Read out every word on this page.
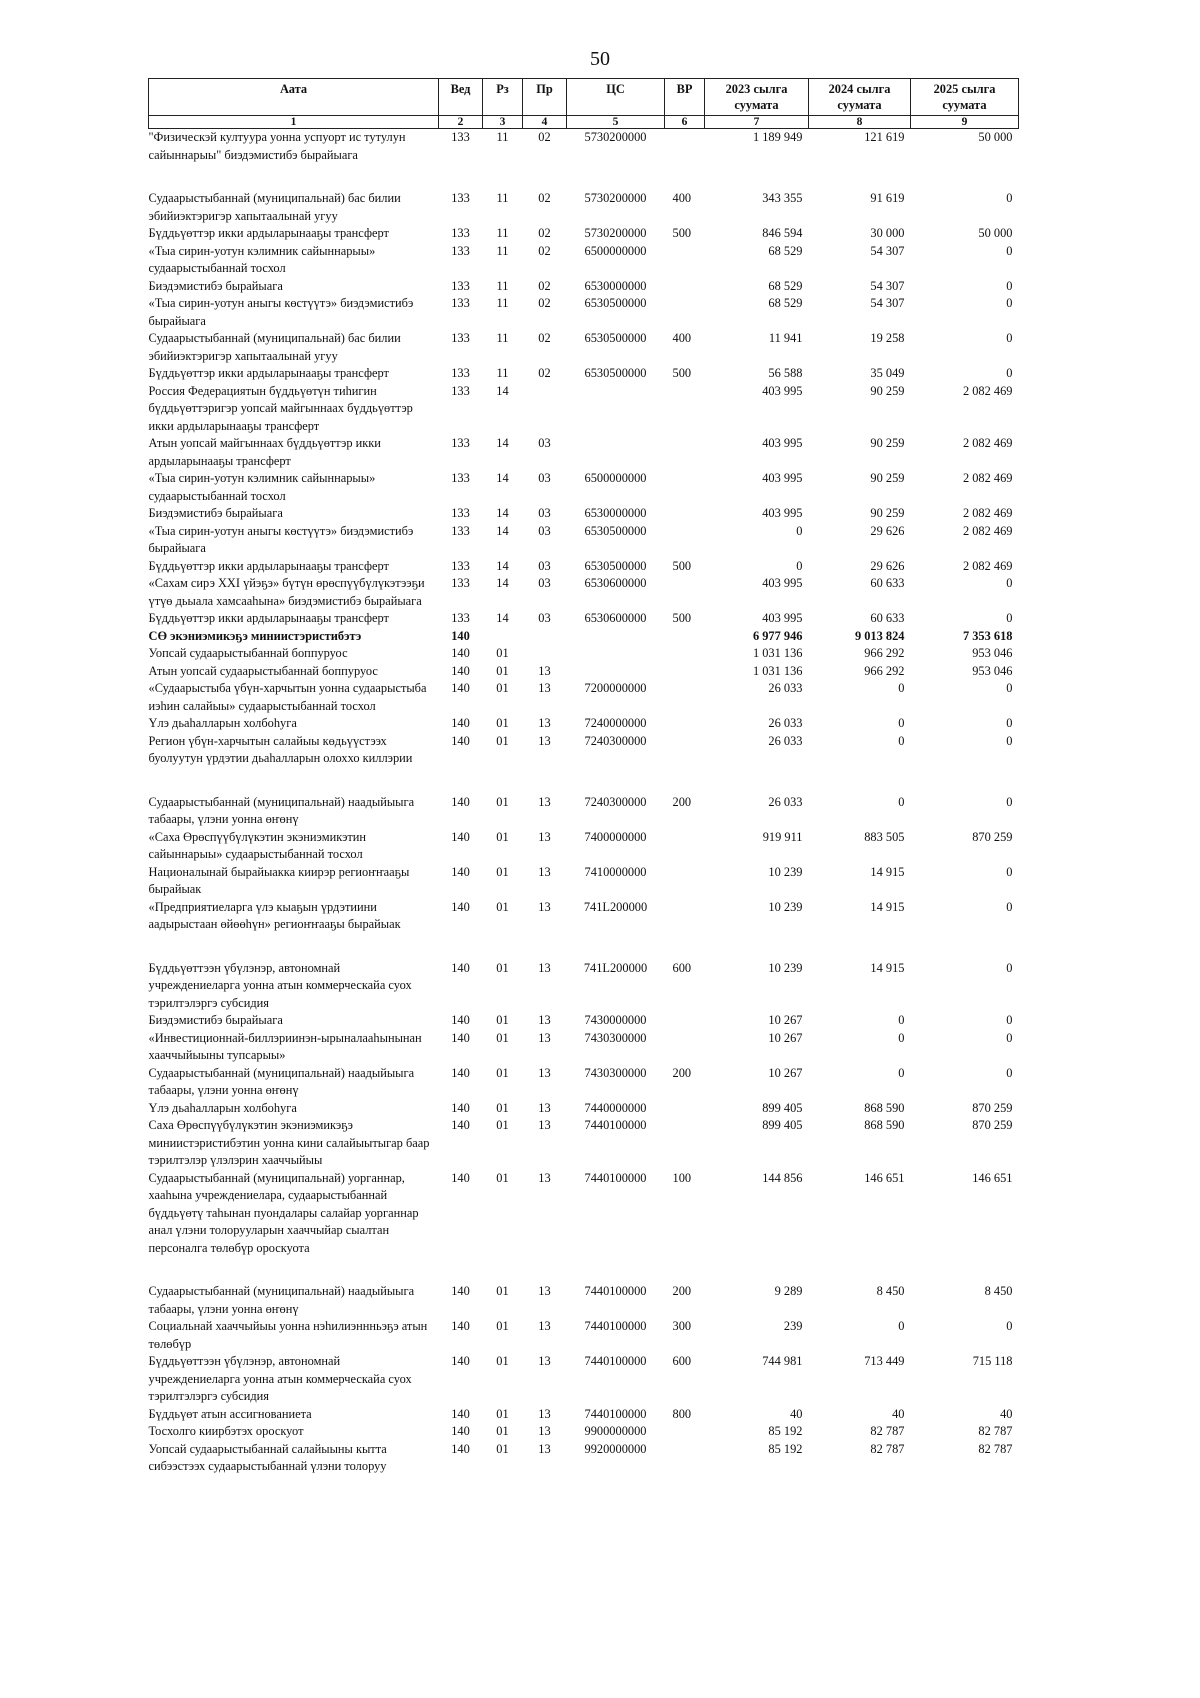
50
Аата	Вед	Рз	Пр	ЦС	ВР	2023 сылга суумата	2024 сылга суумата	2025 сылга суумата
1	2	3	4	5	6	7	8	9
"Физическэй култуура уонна успуорт ис тутулун сайыннарыы" биэдэмистибэ бырайыага	133	11	02	5730200000		1 189 949	121 619	50 000
Судаарыстыбаннай (муниципальнай) бас билии эбийиэктэригэр хапытаалынай угуу	133	11	02	5730200000	400	343 355	91 619	0
Бүддьүөттэр икки ардыларынааҕы трансферт	133	11	02	5730200000	500	846 594	30 000	50 000
«Тыа сирин-уотун кэлимник сайыннарыы» судаарыстыбаннай тосхол	133	11	02	6500000000		68 529	54 307	0
Биэдэмистибэ бырайыага	133	11	02	6530000000		68 529	54 307	0
«Тыа сирин-уотун аныгы көстүүтэ» биэдэмистибэ бырайыага	133	11	02	6530500000		68 529	54 307	0
Судаарыстыбаннай (муниципальнай) бас билии эбийиэктэригэр хапытаалынай угуу	133	11	02	6530500000	400	11 941	19 258	0
Бүддьүөттэр икки ардыларынааҕы трансферт	133	11	02	6530500000	500	56 588	35 049	0
Россия Федерациятын бүддьүөтүн тиһигин бүддьүөттэригэр уопсай майгыннаах бүддьүөттэр икки ардыларынааҕы трансферт	133	14				403 995	90 259	2 082 469
Атын уопсай майгыннаах бүддьүөттэр икки ардыларынааҕы трансферт	133	14	03			403 995	90 259	2 082 469
«Тыа сирин-уотун кэлимник сайыннарыы» судаарыстыбаннай тосхол	133	14	03	6500000000		403 995	90 259	2 082 469
Биэдэмистибэ бырайыага	133	14	03	6530000000		403 995	90 259	2 082 469
«Тыа сирин-уотун аныгы көстүүтэ» биэдэмистибэ бырайыага	133	14	03	6530500000		0	29 626	2 082 469
Бүддьүөттэр икки ардыларынааҕы трансферт	133	14	03	6530500000	500	0	29 626	2 082 469
«Сахам сирэ XXI үйэҕэ» бүтүн өрөспүүбүлүкэтээҕи үтүө дьыала хамсааһына» биэдэмистибэ бырайыага	133	14	03	6530600000		403 995	60 633	0
Бүддьүөттэр икки ардыларынааҕы трансферт	133	14	03	6530600000	500	403 995	60 633	0
СӨ экэниэмикэҕэ миниистэристибэтэ	140					6 977 946	9 013 824	7 353 618
Уопсай судаарыстыбаннай боппуруос	140	01				1 031 136	966 292	953 046
Атын уопсай судаарыстыбаннай боппуруос	140	01	13			1 031 136	966 292	953 046
«Судаарыстыба үбүн-харчытын уонна судаарыстыба иэһин салайыы» судаарыстыбаннай тосхол	140	01	13	7200000000		26 033	0	0
Үлэ дьаһалларын холбоһуга	140	01	13	7240000000		26 033	0	0
Регион үбүн-харчытын салайыы көдьүүстээх буолуутун үрдэтии дьаһалларын олоххо киллэрии	140	01	13	7240300000		26 033	0	0
Судаарыстыбаннай (муниципальнай) наадыйыыга табаары, үлэни уонна өҥөнү	140	01	13	7240300000	200	26 033	0	0
«Саха Өрөспүүбүлүкэтин экэниэмикэтин сайыннарыы» судаарыстыбаннай тосхол	140	01	13	7400000000		919 911	883 505	870 259
Националынай бырайыакка киирэр региоҥҥааҕы бырайыак	140	01	13	7410000000		10 239	14 915	0
«Предприятиеларга үлэ кыаҕын үрдэтиини аадырыстаан өйөөһүн» региоҥҥааҕы бырайыак	140	01	13	741L200000		10 239	14 915	0
Бүддьүөттээн үбүлэнэр, автономнай учреждениеларга уонна атын коммерческайа суох тэрилтэлэргэ субсидия	140	01	13	741L200000	600	10 239	14 915	0
Биэдэмистибэ бырайыага	140	01	13	7430000000		10 267	0	0
«Инвестиционнай-биллэриинэн-ырыналааһынынан хааччыйыыны тупсарыы»	140	01	13	7430300000		10 267	0	0
Судаарыстыбаннай (муниципальнай) наадыйыыга табаары, үлэни уонна өҥөнү	140	01	13	7430300000	200	10 267	0	0
Үлэ дьаһалларын холбоһуга	140	01	13	7440000000		899 405	868 590	870 259
Саха Өрөспүүбүлүкэтин экэниэмикэҕэ миниистэристибэтин уонна кини салайыытыгар баар тэрилтэлэр үлэлэрин хааччыйыы	140	01	13	7440100000		899 405	868 590	870 259
Судаарыстыбаннай (муниципальнай) уорганнар, хааһына учреждениелара, судаарыстыбаннай бүддьүөтү таһынан пуондалары салайар уорганнар анал үлэни толорууларын хааччыйар сыалтан персоналга төлөбүр ороскуота	140	01	13	7440100000	100	144 856	146 651	146 651
Судаарыстыбаннай (муниципальнай) наадыйыыга табаары, үлэни уонна өҥөнү	140	01	13	7440100000	200	9 289	8 450	8 450
Социальнай хааччыйыы уонна нэһилиэннньэҕэ атын төлөбүр	140	01	13	7440100000	300	239	0	0
Бүддьүөттээн үбүлэнэр, автономнай учреждениеларга уонна атын коммерческайа суох тэрилтэлэргэ субсидия	140	01	13	7440100000	600	744 981	713 449	715 118
Бүддьүөт атын ассигнованиета	140	01	13	7440100000	800	40	40	40
Тосхолго киирбэтэх ороскуот	140	01	13	9900000000		85 192	82 787	82 787
Уопсай судаарыстыбаннай салайыыны кытта сибээстээх судаарыстыбаннай үлэни толоруу	140	01	13	9920000000		85 192	82 787	82 787
